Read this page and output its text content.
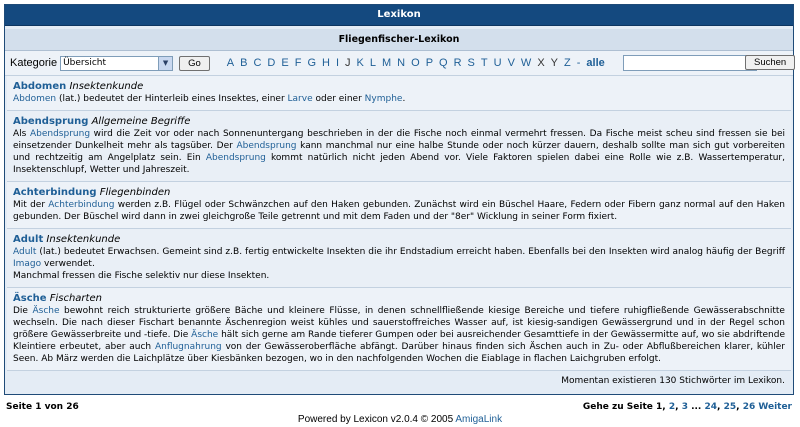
Lexikon
Fliegenfischer-Lexikon
Kategorie Übersicht	▼	Go	A B C D E F G H I J K L M N O P Q R S T U V W X Y Z - alle	Suchen
Abdomen Insektenkunde

Abdomen (lat.) bedeutet der Hinterleib eines Insektes, einer Larve oder einer Nymphe.

Abendsprung Allgemeine Begriffe

Als Abendsprung wird die Zeit vor oder nach Sonnenuntergang beschrieben in der die Fische noch einmal vermehrt fressen. Da Fische meist scheu sind fressen sie bei einsetzender Dunkelheit mehr als tagsüber. Der Abendsprung kann manchmal nur eine halbe Stunde oder noch kürzer dauern, deshalb sollte man sich gut vorbereiten und rechtzeitig am Angelplatz sein. Ein Abendsprung kommt natürlich nicht jeden Abend vor. Viele Faktoren spielen dabei eine Rolle wie z.B. Wassertemperatur, Insektenschlupf, Wetter und Jahreszeit.

Achterbindung Fliegenbinden

Mit der Achterbindung werden z.B. Flügel oder Schwänzchen auf den Haken gebunden. Zunächst wird ein Büschel Haare, Federn oder Fibern ganz normal auf den Haken gebunden. Der Büschel wird dann in zwei gleichgroße Teile getrennt und mit dem Faden und der "8er" Wicklung in seiner Form fixiert.

Adult Insektenkunde

Adult (lat.) bedeutet Erwachsen. Gemeint sind z.B. fertig entwickelte Insekten die ihr Endstadium erreicht haben. Ebenfalls bei den Insekten wird analog häufig der Begriff Imago verwendet.
Manchmal fressen die Fische selektiv nur diese Insekten.

Äsche Fischarten

Die Äsche bewohnt reich strukturierte größere Bäche und kleinere Flüsse, in denen schnellfließende kiesige Bereiche und tiefere ruhigfließende Gewässerabschnitte wechseln. Die nach dieser Fischart benannte Äschenregion weist kühles und sauerstoffreiches Wasser auf, ist kiesig-sandigen Gewässergrund und in der Regel schon größere Gewässerbreite und -tiefe. Die Äsche hält sich gerne am Rande tieferer Gumpen oder bei ausreichender Gesamttiefe in der Gewässermitte auf, wo sie abdriftende Kleintiere erbeutet, aber auch Anflugnahrung von der Gewässeroberfläche abfängt. Darüber hinaus finden sich Äschen auch in Zu- oder Abflußbereichen klarer, kühler Seen. Ab März werden die Laichplätze über Kiesbänken bezogen, wo in den nachfolgenden Wochen die Eiablage in flachen Laichgruben erfolgt.

Momentan existieren 130 Stichwörter im Lexikon.
Seite 1 von 26	Gehe zu Seite 1, 2, 3 ... 24, 25, 26 Weiter
Powered by Lexicon v2.0.4 © 2005 AmigaLink
